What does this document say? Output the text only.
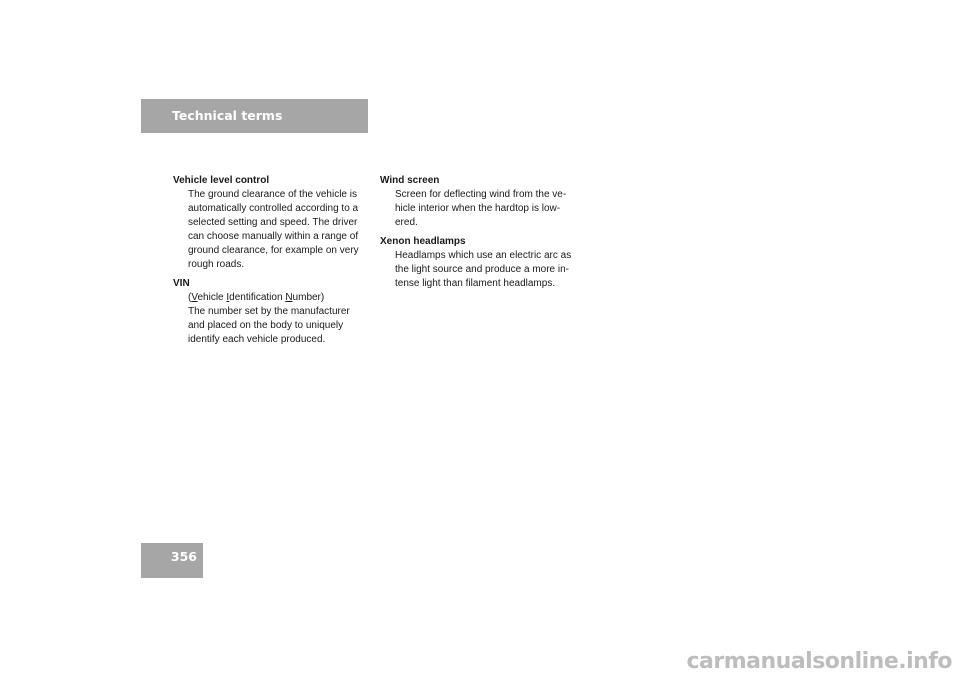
Technical terms
Vehicle level control
The ground clearance of the vehicle is
automatically controlled according to a
selected setting and speed. The driver
can choose manually within a range of
ground clearance, for example on very
rough roads.
VIN
(Vehicle Identification Number)
The number set by the manufacturer
and placed on the body to uniquely
identify each vehicle produced.
Wind screen
Screen for deflecting wind from the ve-
hicle interior when the hardtop is low-
ered.
Xenon headlamps
Headlamps which use an electric arc as
the light source and produce a more in-
tense light than filament headlamps.
356
carmanualsonline.info
